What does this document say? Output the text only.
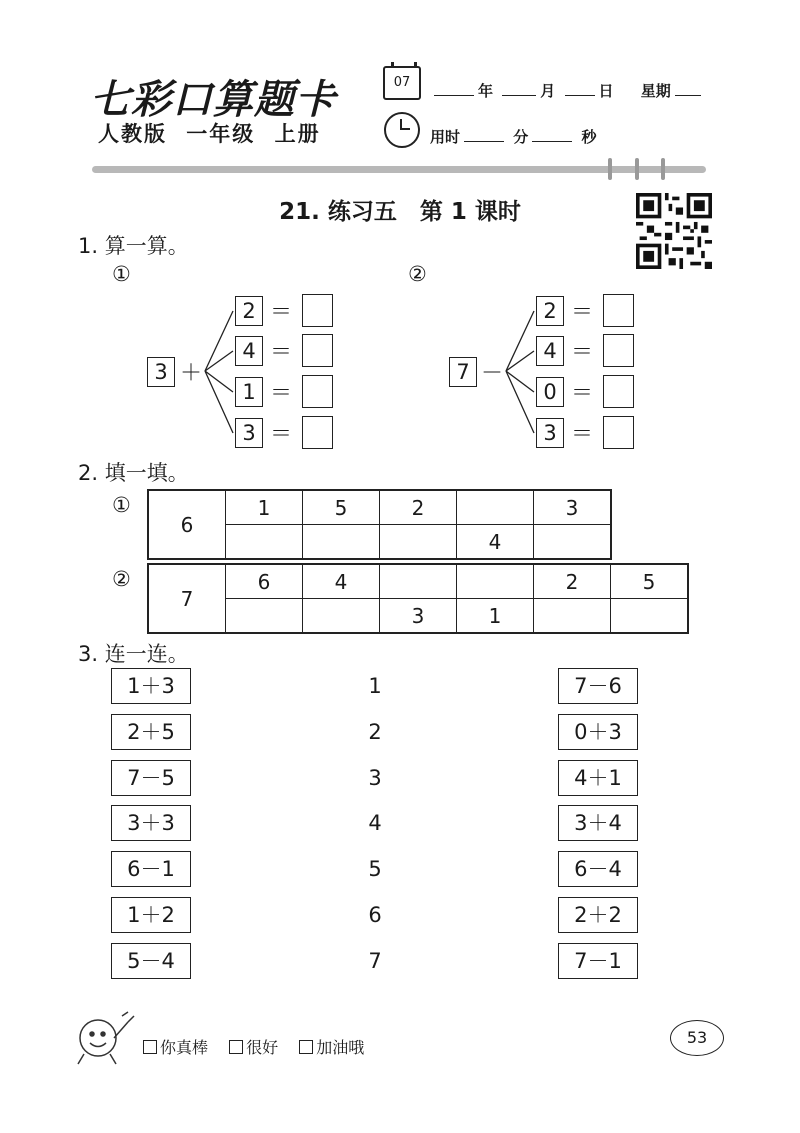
七彩口算题卡
人教版 一年级 上册
07	年	月	日 星期
用时	分	秒
21. 练习五　第 1 课时
1. 算一算。
①	②
3 ＋
2 ＝
4 ＝
1 ＝
3 ＝
7 －
2 ＝
4 ＝
0 ＝
3 ＝
2. 填一填。
①
6	1	5	2		3
				4	
②
7	6	4			2	5
			3	1		
3. 连一连。
1＋3
2＋5
7－5
3＋3
6－1
1＋2
5－4
1
2
3
4
5
6
7
7－6
0＋3
4＋1
3＋4
6－4
2＋2
7－1
你真棒 很好 加油哦
53
